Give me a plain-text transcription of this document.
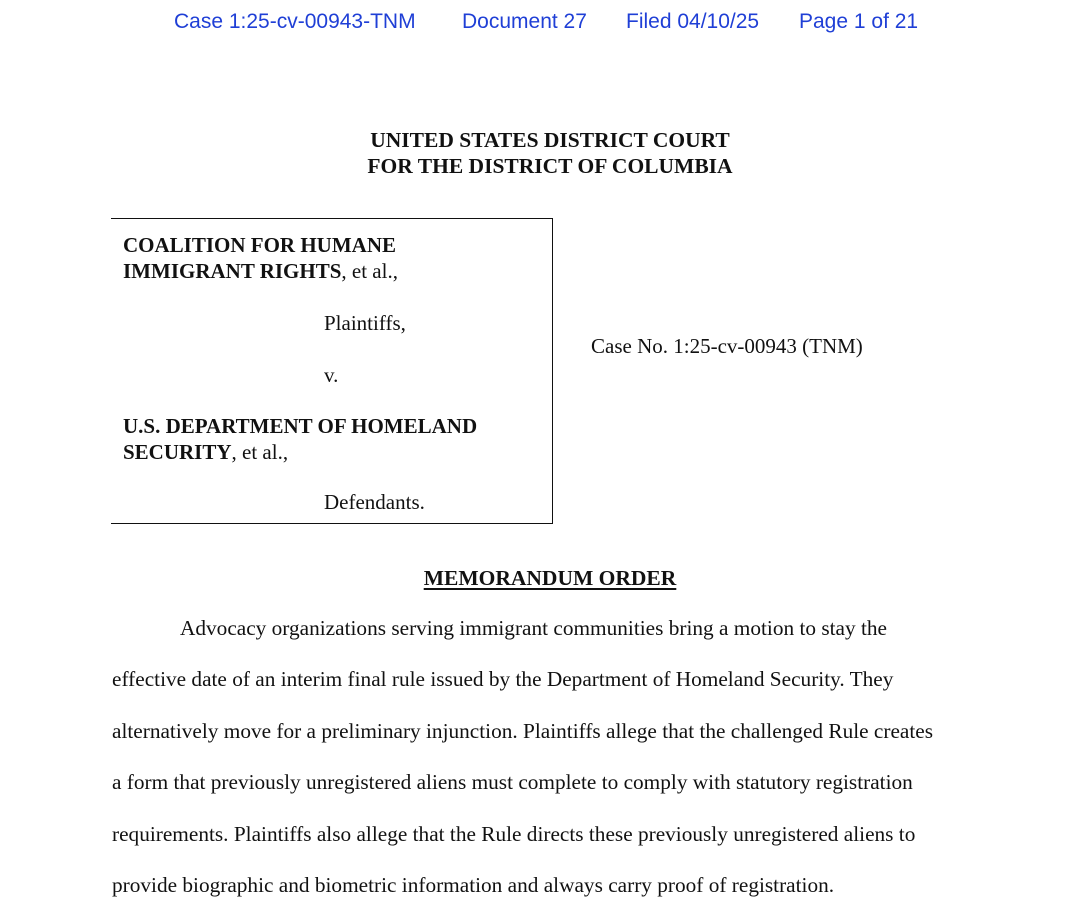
Case 1:25-cv-00943-TNM Document 27 Filed 04/10/25 Page 1 of 21
UNITED STATES DISTRICT COURT
FOR THE DISTRICT OF COLUMBIA
COALITION FOR HUMANE
IMMIGRANT RIGHTS, et al.,
Plaintiffs,
v.
U.S. DEPARTMENT OF HOMELAND
SECURITY, et al.,
Defendants.
Case No. 1:25-cv-00943 (TNM)
MEMORANDUM ORDER
Advocacy organizations serving immigrant communities bring a motion to stay the
effective date of an interim final rule issued by the Department of Homeland Security. They
alternatively move for a preliminary injunction. Plaintiffs allege that the challenged Rule creates
a form that previously unregistered aliens must complete to comply with statutory registration
requirements. Plaintiffs also allege that the Rule directs these previously unregistered aliens to
provide biographic and biometric information and always carry proof of registration.
